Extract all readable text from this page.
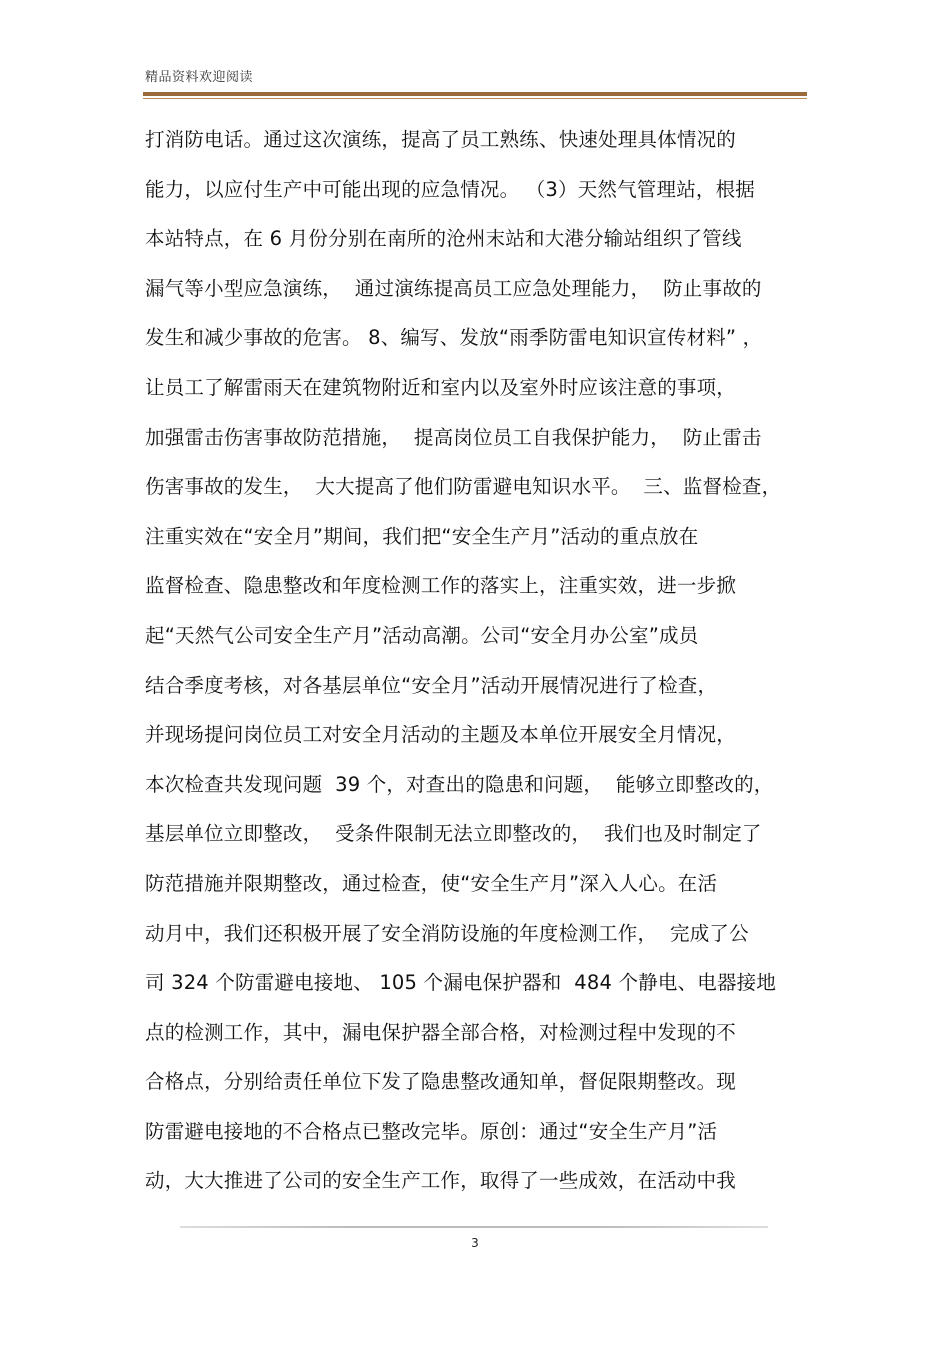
精品资料欢迎阅读
打消防电话。通过这次演练，提高了员工熟练、快速处理具体情况的
能力，以应付生产中可能出现的应急情况。 （3）天然气管理站，根据
本站特点，在 6 月份分别在南所的沧州末站和大港分输站组织了管线
漏气等小型应急演练，  通过演练提高员工应急处理能力，  防止事故的
发生和减少事故的危害。 8、编写、发放“雨季防雷电知识宣传材料” ，
让员工了解雷雨天在建筑物附近和室内以及室外时应该注意的事项，
加强雷击伤害事故防范措施，  提高岗位员工自我保护能力，  防止雷击
伤害事故的发生，  大大提高了他们防雷避电知识水平。  三、监督检查，
注重实效在“安全月”期间，我们把“安全生产月”活动的重点放在
监督检查、隐患整改和年度检测工作的落实上，注重实效，进一步掀
起“天然气公司安全生产月”活动高潮。公司“安全月办公室”成员
结合季度考核，对各基层单位“安全月”活动开展情况进行了检查，
并现场提问岗位员工对安全月活动的主题及本单位开展安全月情况，
本次检查共发现问题  39 个，对查出的隐患和问题，  能够立即整改的，
基层单位立即整改，  受条件限制无法立即整改的，  我们也及时制定了
防范措施并限期整改，通过检查，使“安全生产月”深入人心。在活
动月中，我们还积极开展了安全消防设施的年度检测工作，  完成了公
司 324 个防雷避电接地、 105 个漏电保护器和  484 个静电、电器接地
点的检测工作，其中，漏电保护器全部合格，对检测过程中发现的不
合格点，分别给责任单位下发了隐患整改通知单，督促限期整改。现
防雷避电接地的不合格点已整改完毕。原创：通过“安全生产月”活
动，大大推进了公司的安全生产工作，取得了一些成效，在活动中我
3
